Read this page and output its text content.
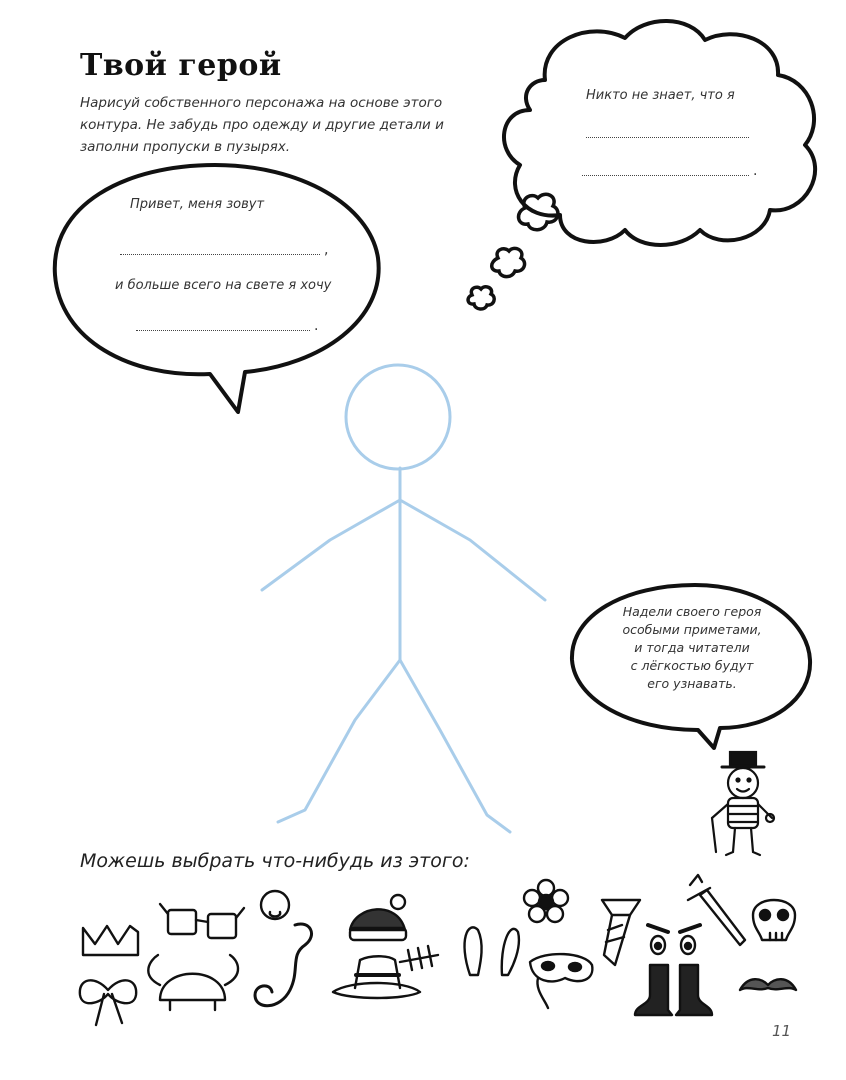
Твой герой
Нарисуй собственного персонажа на основе этого контура. Не забудь про одежду и другие детали и заполни пропуски в пузырях.
Привет, меня зовут
,
и больше всего на свете я хочу
.
Никто не знает, что я
.
Надели своего героя
особыми приметами,
и тогда читатели
с лёгкостью будут
его узнавать.
Можешь выбрать что-нибудь из этого:
11
